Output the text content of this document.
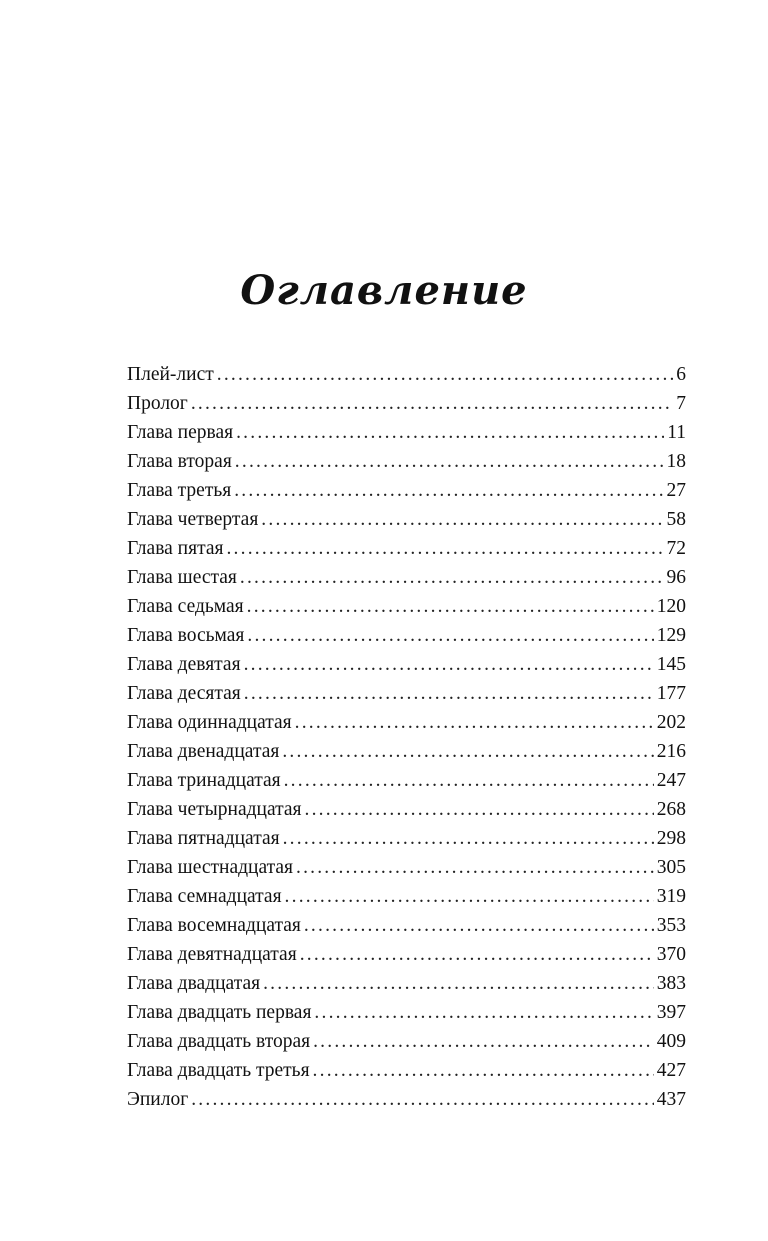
Оглавление
Плей-лист .....	6
Пролог .....	7
Глава первая .....	11
Глава вторая .....	18
Глава третья .....	27
Глава четвертая .....	58
Глава пятая .....	72
Глава шестая .....	96
Глава седьмая .....	120
Глава восьмая .....	129
Глава девятая .....	145
Глава десятая .....	177
Глава одиннадцатая .....	202
Глава двенадцатая .....	216
Глава тринадцатая .....	247
Глава четырнадцатая .....	268
Глава пятнадцатая .....	298
Глава шестнадцатая .....	305
Глава семнадцатая .....	319
Глава восемнадцатая .....	353
Глава девятнадцатая .....	370
Глава двадцатая .....	383
Глава двадцать первая .....	397
Глава двадцать вторая .....	409
Глава двадцать третья .....	427
Эпилог .....	437
